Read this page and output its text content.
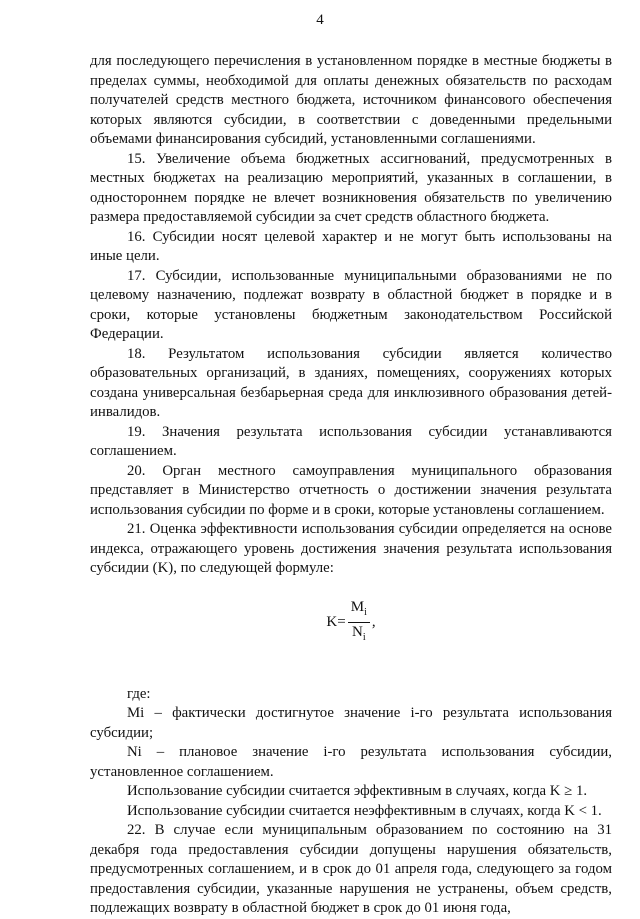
4

для последующего перечисления в установленном порядке в местные бюджеты в пределах суммы, необходимой для оплаты денежных обязательств по расходам получателей средств местного бюджета, источником финансового обеспечения которых являются субсидии, в соответствии с доведенными предельными объемами финансирования субсидий, установленными соглашениями.

15. Увеличение объема бюджетных ассигнований, предусмотренных в местных бюджетах на реализацию мероприятий, указанных в соглашении, в одностороннем порядке не влечет возникновения обязательств по увеличению размера предоставляемой субсидии за счет средств областного бюджета.

16. Субсидии носят целевой характер и не могут быть использованы на иные цели.

17. Субсидии, использованные муниципальными образованиями не по целевому назначению, подлежат возврату в областной бюджет в порядке и в сроки, которые установлены бюджетным законодательством Российской Федерации.

18. Результатом использования субсидии является количество образовательных организаций, в зданиях, помещениях, сооружениях которых создана универсальная безбарьерная среда для инклюзивного образования детей-инвалидов.

19. Значения результата использования субсидии устанавливаются соглашением.

20. Орган местного самоуправления муниципального образования представляет в Министерство отчетность о достижении значения результата использования субсидии по форме и в сроки, которые установлены соглашением.

21. Оценка эффективности использования субсидии определяется на основе индекса, отражающего уровень достижения значения результата использования субсидии (K), по следующей формуле:

$K = \frac{M_i}{N_i}$ ,

где:

Mi – фактически достигнутое значение i-го результата использования субсидии;

Ni – плановое значение i-го результата использования субсидии, установленное соглашением.

Использование субсидии считается эффективным в случаях, когда K ≥ 1.

Использование субсидии считается неэффективным в случаях, когда K < 1.

22. В случае если муниципальным образованием по состоянию на 31 декабря года предоставления субсидии допущены нарушения обязательств, предусмотренных соглашением, и в срок до 01 апреля года, следующего за годом предоставления субсидии, указанные нарушения не устранены, объем средств, подлежащих возврату в областной бюджет в срок до 01 июня года,
